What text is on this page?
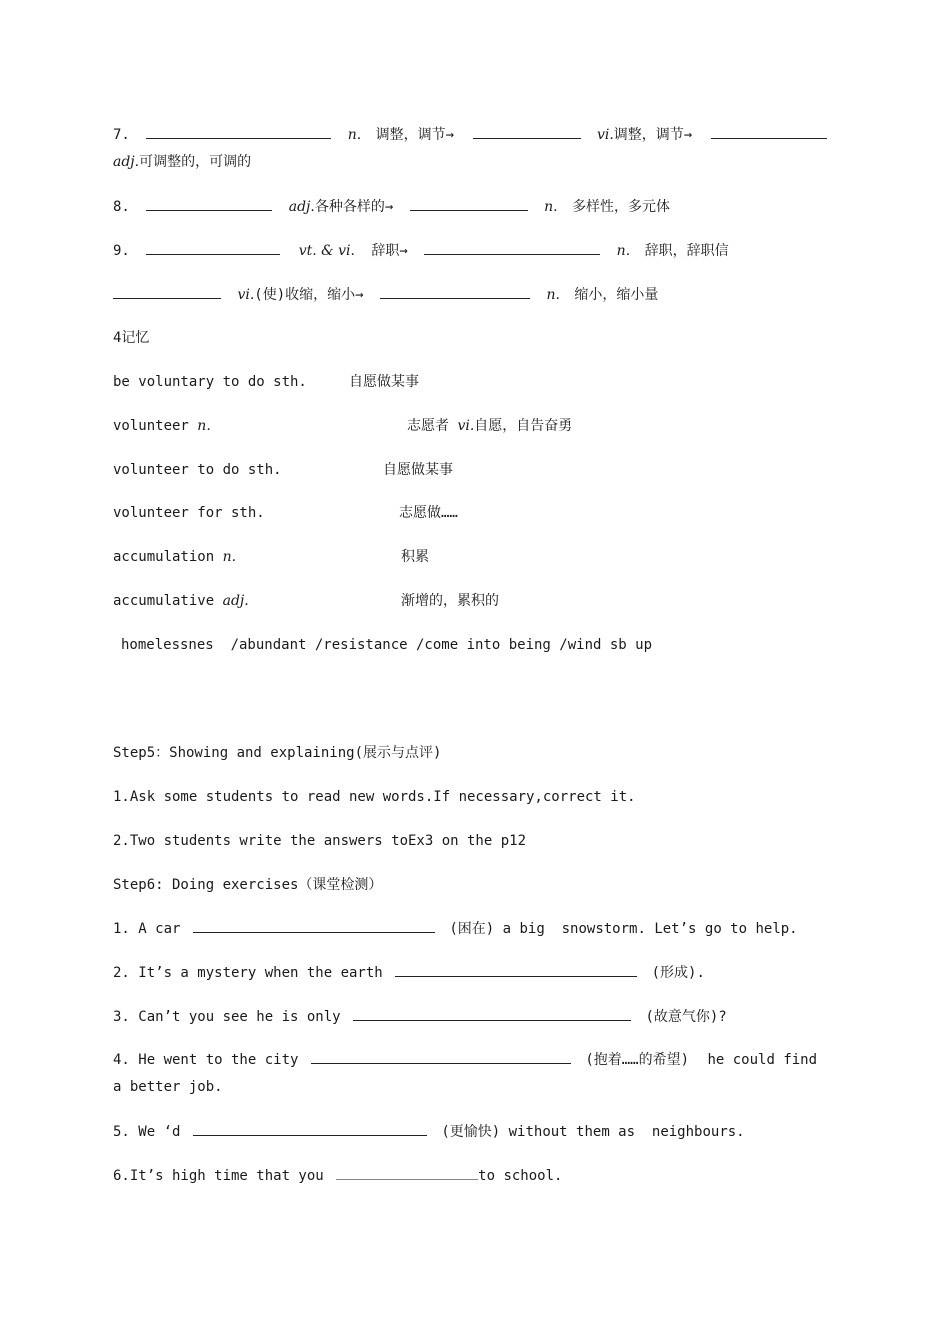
7.	n. 调整，调节→	vi.调整，调节→
adj.可调整的，可调的
8.	adj.各种各样的→	n. 多样性，多元体
9.	vt. & vi. 辞职→	n. 辞职，辞职信
vi.(使)收缩，缩小→	n. 缩小，缩小量
4记忆
be voluntary to do sth.	自愿做某事
volunteer n.	志愿者 vi.自愿，自告奋勇
volunteer to do sth.	自愿做某事
volunteer for sth.	志愿做……
accumulation n.	积累
accumulative adj.	渐增的，累积的
homelessnes  /abundant /resistance /come into being /wind sb up
Step5：Showing and explaining(展示与点评)
1.Ask some students to read new words.If necessary,correct it.
2.Two students write the answers toEx3 on the p12
Step6: Doing exercises（课堂检测）
1. A car	(困在) a big  snowstorm. Let’s go to help.
2. It’s a mystery when the earth	(形成).
3. Can’t you see he is only	(故意气你)?
4. He went to the city	(抱着……的希望) he could find
a better job.
5. We ‘d	(更愉快) without them as  neighbours.
6.It’s high time that you	to school.
